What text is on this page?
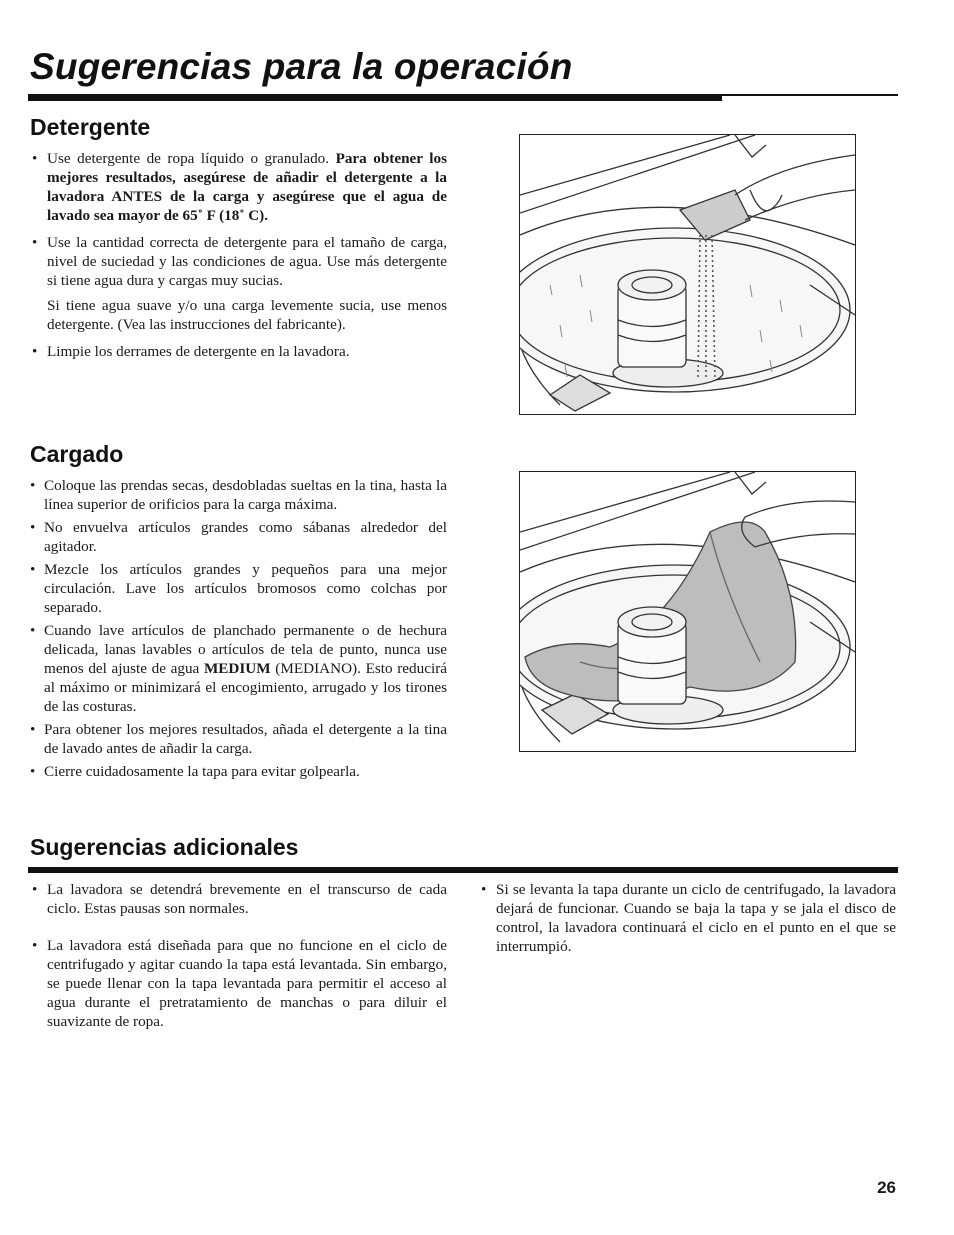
Sugerencias para la operación
Detergente

• Use detergente de ropa líquido o granulado. Para obtener los mejores resultados, asegúrese de añadir el detergente a la lavadora ANTES de la carga y asegúrese que el agua de lavado sea mayor de 65˚ F (18˚ C).

• Use la cantidad correcta de detergente para el tamaño de carga, nivel de suciedad y las condiciones de agua. Use más detergente si tiene agua dura y cargas muy sucias.

Si tiene agua suave y/o una carga levemente sucia, use menos detergente. (Vea las instrucciones del fabricante).

• Limpie los derrames de detergente en la lavadora.

Cargado

• Coloque las prendas secas, desdobladas sueltas en la tina, hasta la línea superior de orificios para la carga máxima.

• No envuelva artículos grandes como sábanas alrededor del agitador.

• Mezcle los artículos grandes y pequeños para una mejor circulación. Lave los artículos bromosos como colchas por separado.

• Cuando lave artículos de planchado permanente o de hechura delicada, lanas lavables o artículos de tela de punto, nunca use menos del ajuste de agua MEDIUM (MEDIANO). Esto reducirá al máximo or minimizará el encogimiento, arrugado y los tirones de las costuras.

• Para obtener los mejores resultados, añada el detergente a la tina de lavado antes de añadir la carga.

• Cierre cuidadosamente la tapa para evitar golpearla.

Sugerencias adicionales

• La lavadora se detendrá brevemente en el transcurso de cada ciclo. Estas pausas son normales.

• La lavadora está diseñada para que no funcione en el ciclo de centrifugado y agitar cuando la tapa está levantada. Sin embargo, se puede llenar con la tapa levantada para permitir el acceso al agua durante el pretratamiento de manchas o para diluir el suavizante de ropa.

• Si se levanta la tapa durante un ciclo de centrifugado, la lavadora dejará de funcionar. Cuando se baja la tapa y se jala el disco de control, la lavadora continuará el ciclo en el punto en el que se interrumpió.

26
